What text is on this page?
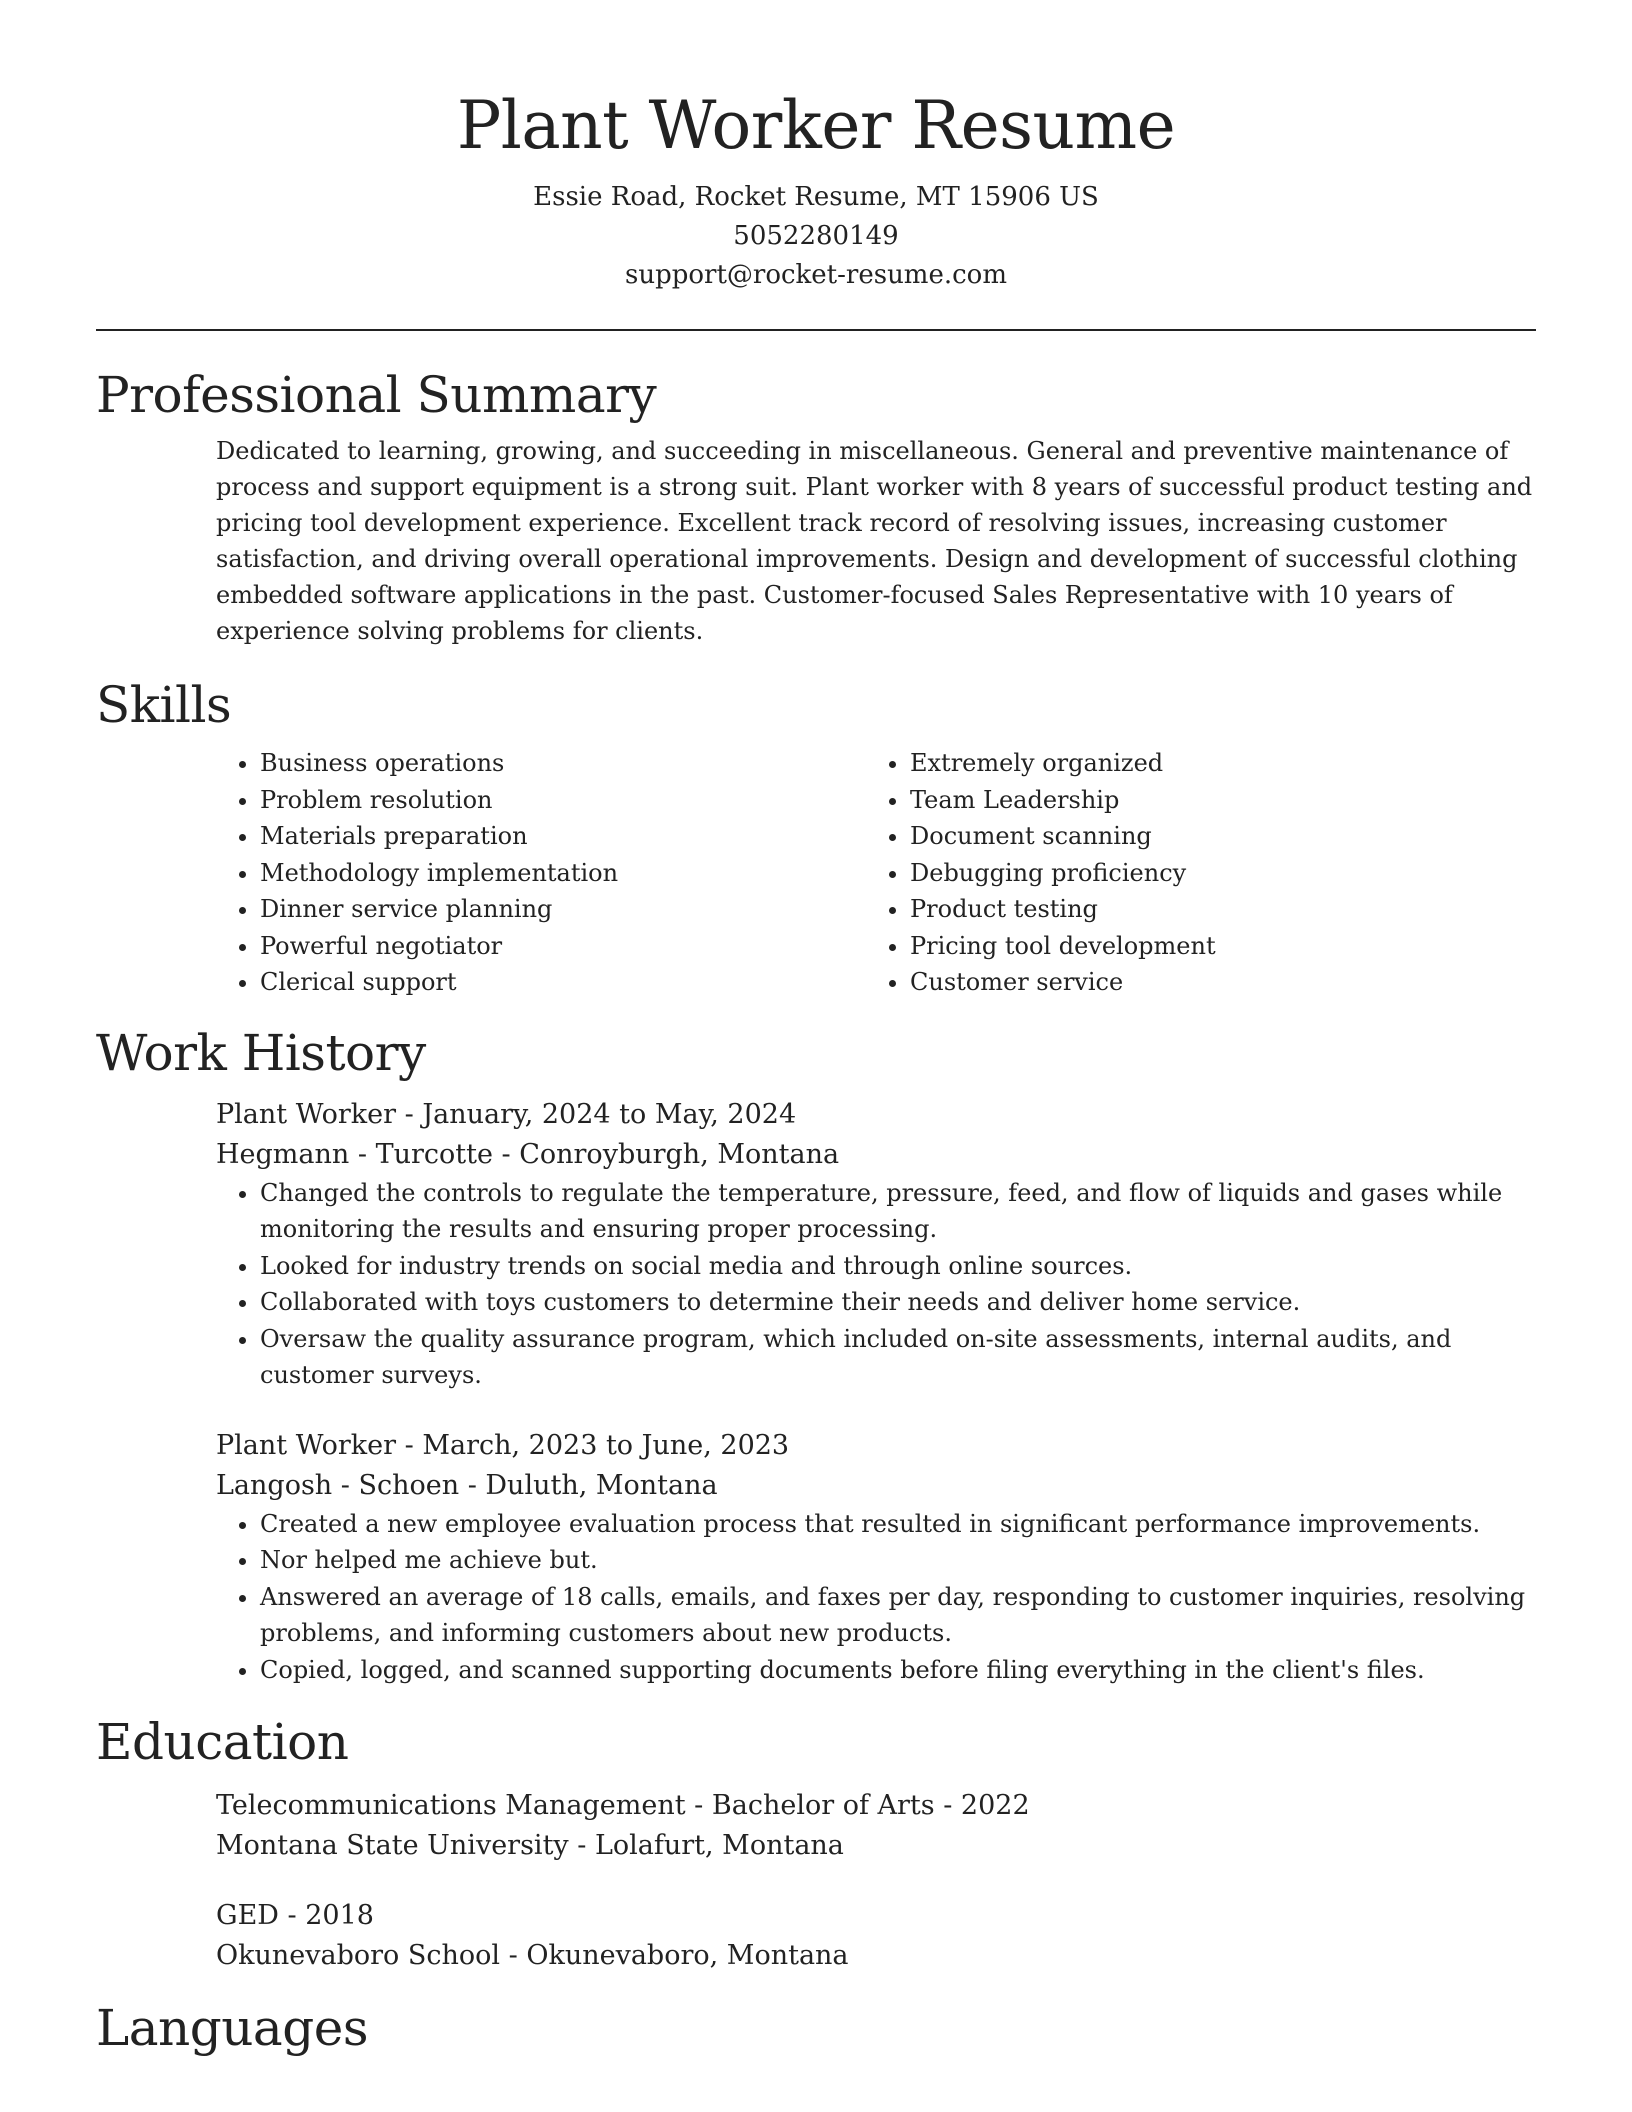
Plant Worker Resume
Essie Road, Rocket Resume, MT 15906 US
5052280149
support@rocket-resume.com
Professional Summary
Dedicated to learning, growing, and succeeding in miscellaneous. General and preventive maintenance of process and support equipment is a strong suit. Plant worker with 8 years of successful product testing and pricing tool development experience. Excellent track record of resolving issues, increasing customer satisfaction, and driving overall operational improvements. Design and development of successful clothing embedded software applications in the past. Customer-focused Sales Representative with 10 years of experience solving problems for clients.
Skills
• Business operations
• Problem resolution
• Materials preparation
• Methodology implementation
• Dinner service planning
• Powerful negotiator
• Clerical support
• Extremely organized
• Team Leadership
• Document scanning
• Debugging proficiency
• Product testing
• Pricing tool development
• Customer service
Work History
Plant Worker - January, 2024 to May, 2024
Hegmann - Turcotte - Conroyburgh, Montana
• Changed the controls to regulate the temperature, pressure, feed, and flow of liquids and gases while monitoring the results and ensuring proper processing.
• Looked for industry trends on social media and through online sources.
• Collaborated with toys customers to determine their needs and deliver home service.
• Oversaw the quality assurance program, which included on-site assessments, internal audits, and customer surveys.
Plant Worker - March, 2023 to June, 2023
Langosh - Schoen - Duluth, Montana
• Created a new employee evaluation process that resulted in significant performance improvements.
• Nor helped me achieve but.
• Answered an average of 18 calls, emails, and faxes per day, responding to customer inquiries, resolving problems, and informing customers about new products.
• Copied, logged, and scanned supporting documents before filing everything in the client's files.
Education
Telecommunications Management - Bachelor of Arts - 2022
Montana State University - Lolafurt, Montana
GED - 2018
Okunevaboro School - Okunevaboro, Montana
Languages
